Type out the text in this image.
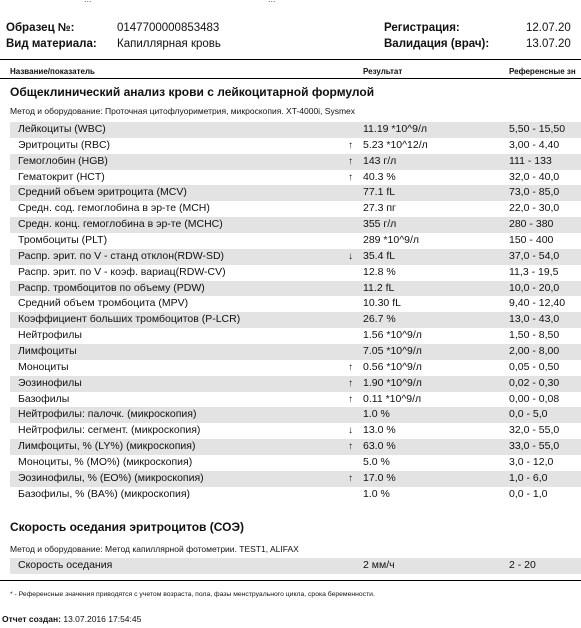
Образец №:	0147700000853483	Регистрация:	12.07.20
Вид материала: Капиллярная кровь	Валидация (врач):	13.07.20
Название/показатель	Результат	Референсные зн
Общеклинический анализ крови с лейкоцитарной формулой
Метод и оборудование: Проточная цитофлуориметрия, микроскопия. XT-4000i, Sysmex
Лейкоциты (WBC)	11.19 *10^9/л	5,50 - 15,50
Эритроциты (RBC)	↑ 5.23 *10^12/л	3,00 - 4,40
Гемоглобин (HGB)	↑ 143 г/л	111 - 133
Гематокрит (HCT)	↑ 40.3 %	32,0 - 40,0
Средний объем эритроцита (MCV)	77.1 fL	73,0 - 85,0
Средн. сод. гемоглобина в эр-те (MCH)	27.3 пг	22,0 - 30,0
Средн. конц. гемоглобина в эр-те (MCHC)	355 г/л	280 - 380
Тромбоциты (PLT)	289 *10^9/л	150 - 400
Распр. эрит. по V - станд отклон(RDW-SD)	↓ 35.4 fL	37,0 - 54,0
Распр. эрит. по V - коэф. вариац(RDW-CV)	12.8 %	11,3 - 19,5
Распр. тромбоцитов по объему (PDW)	11.2 fL	10,0 - 20,0
Средний объем тромбоцита (MPV)	10.30 fL	9,40 - 12,40
Коэффициент больших тромбоцитов (P-LCR)	26.7 %	13,0 - 43,0
Нейтрофилы	1.56 *10^9/л	1,50 - 8,50
Лимфоциты	7.05 *10^9/л	2,00 - 8,00
Моноциты	↑ 0.56 *10^9/л	0,05 - 0,50
Эозинофилы	↑ 1.90 *10^9/л	0,02 - 0,30
Базофилы	↑ 0.11 *10^9/л	0,00 - 0,08
Нейтрофилы: палочк. (микроскопия)	1.0 %	0,0 - 5,0
Нейтрофилы: сегмент. (микроскопия)	↓ 13.0 %	32,0 - 55,0
Лимфоциты, % (LY%) (микроскопия)	↑ 63.0 %	33,0 - 55,0
Моноциты, % (MO%) (микроскопия)	5.0 %	3,0 - 12,0
Эозинофилы, % (EO%) (микроскопия)	↑ 17.0 %	1,0 - 6,0
Базофилы, % (BA%) (микроскопия)	1.0 %	0,0 - 1,0
Скорость оседания эритроцитов (СОЭ)
Метод и оборудование: Метод капиллярной фотометрии. TEST1, ALIFAX
Скорость оседания	2 мм/ч	2 - 20
* - Референсные значения приводятся с учетом возраста, пола, фазы менструального цикла, срока беременности.
Отчет создан: 13.07.2016 17:54:45
